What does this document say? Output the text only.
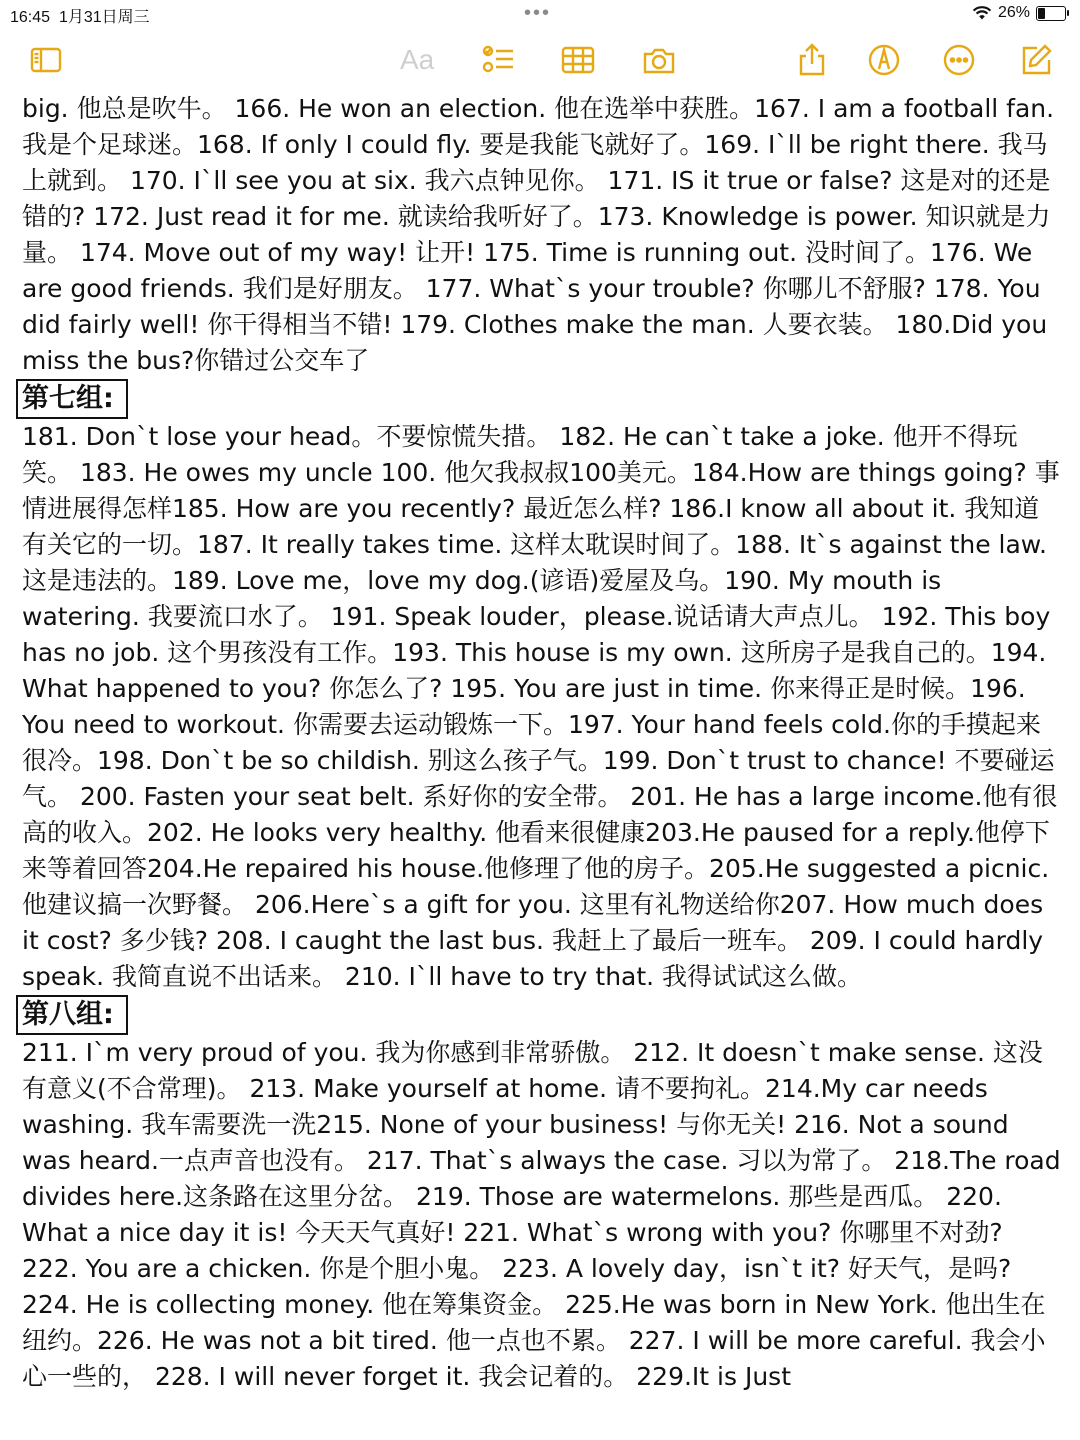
16:45 1月31日周三	•••	26%
Aa

big. 他总是吹牛。 166. He won an election. 他在选举中获胜。167. I am a football fan. 我是个足球迷。168. If only I could fly. 要是我能飞就好了。169. I`ll be right there. 我马上就到。 170. I`ll see you at six. 我六点钟见你。 171. IS it true or false? 这是对的还是错的? 172. Just read it for me. 就读给我听好了。173. Knowledge is power. 知识就是力量。 174. Move out of my way! 让开! 175. Time is running out. 没时间了。176. We are good friends. 我们是好朋友。 177. What`s your trouble? 你哪儿不舒服? 178. You did fairly well! 你干得相当不错! 179. Clothes make the man. 人要衣装。 180.Did you miss the bus?你错过公交车了

第七组:

181. Don`t lose your head。不要惊慌失措。 182. He can`t take a joke. 他开不得玩笑。 183. He owes my uncle 100. 他欠我叔叔100美元。184.How are things going? 事情进展得怎样185. How are you recently? 最近怎么样? 186.I know all about it. 我知道有关它的一切。187. It really takes time. 这样太耽误时间了。188. It`s against the law. 这是违法的。189. Love me，love my dog.(谚语)爱屋及乌。190. My mouth is watering. 我要流口水了。 191. Speak louder，please.说话请大声点儿。 192. This boy has no job. 这个男孩没有工作。193. This house is my own. 这所房子是我自己的。194. What happened to you? 你怎么了? 195. You are just in time. 你来得正是时候。196. You need to workout. 你需要去运动锻炼一下。197. Your hand feels cold.你的手摸起来很冷。198. Don`t be so childish. 别这么孩子气。199. Don`t trust to chance! 不要碰运气。 200. Fasten your seat belt. 系好你的安全带。 201. He has a large income.他有很高的收入。202. He looks very healthy. 他看来很健康203.He paused for a reply.他停下来等着回答204.He repaired his house.他修理了他的房子。205.He suggested a picnic.他建议搞一次野餐。 206.Here`s a gift for you. 这里有礼物送给你207. How much does it cost? 多少钱? 208. I caught the last bus. 我赶上了最后一班车。 209. I could hardly speak. 我简直说不出话来。 210. I`ll have to try that. 我得试试这么做。

第八组:

211. I`m very proud of you. 我为你感到非常骄傲。 212. It doesn`t make sense. 这没有意义(不合常理)。 213. Make yourself at home. 请不要拘礼。214.My car needs washing. 我车需要洗一洗215. None of your business! 与你无关! 216. Not a sound was heard.一点声音也没有。 217. That`s always the case. 习以为常了。 218.The road divides here.这条路在这里分岔。 219. Those are watermelons. 那些是西瓜。 220. What a nice day it is! 今天天气真好! 221. What`s wrong with you? 你哪里不对劲? 222. You are a chicken. 你是个胆小鬼。 223. A lovely day，isn`t it? 好天气，是吗? 224. He is collecting money. 他在筹集资金。 225.He was born in New York. 他出生在纽约。226. He was not a bit tired. 他一点也不累。 227. I will be more careful. 我会小心一些的， 228. I will never forget it. 我会记着的。 229.It is Just
